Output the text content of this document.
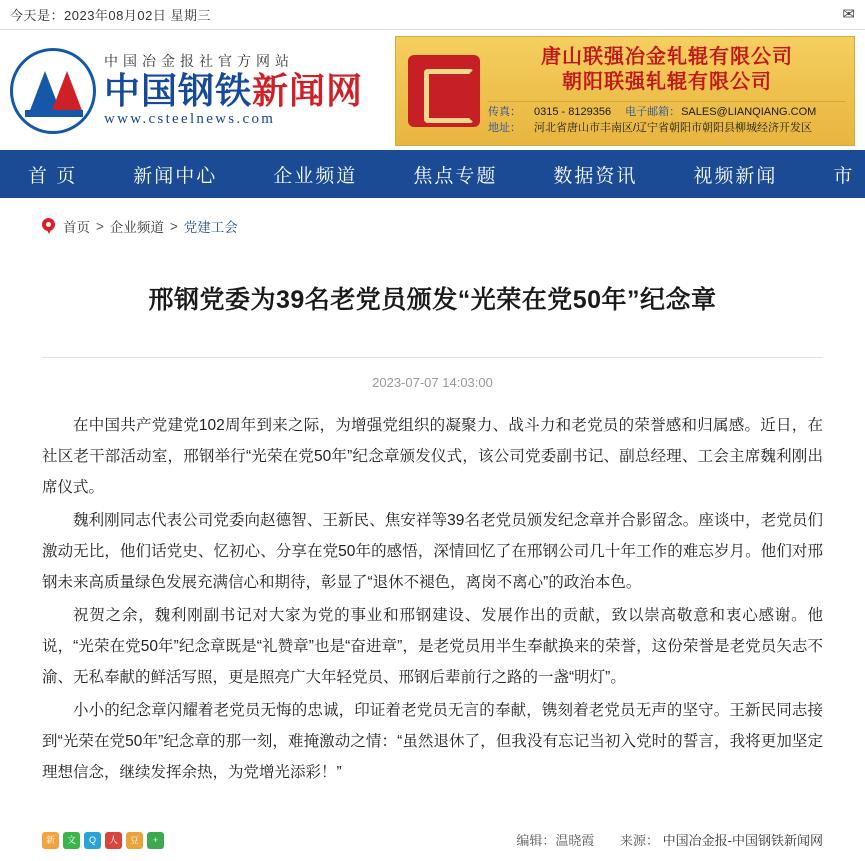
今天是：2023年08月02日 星期三	✉
中国冶金报社官方网站
中国钢铁新闻网
www.csteelnews.com
唐山联强冶金轧辊有限公司
朝阳联强轧辊有限公司
传真：	0315 - 8129356 电子邮箱： SALES@LIANQIANG.COM
地址：	河北省唐山市丰南区/辽宁省朝阳市朝阳县柳城经济开发区
首 页	新闻中心	企业频道	焦点专题	数据资讯	视频新闻	市
首页 > 企业频道 > 党建工会
邢钢党委为39名老党员颁发“光荣在党50年”纪念章
2023-07-07 14:03:00

在中国共产党建党102周年到来之际，为增强党组织的凝聚力、战斗力和老党员的荣誉感和归属感。近日，在社区老干部活动室，邢钢举行“光荣在党50年”纪念章颁发仪式，该公司党委副书记、副总经理、工会主席魏利刚出席仪式。

魏利刚同志代表公司党委向赵德智、王新民、焦安祥等39名老党员颁发纪念章并合影留念。座谈中，老党员们激动无比，他们话党史、忆初心、分享在党50年的感悟，深情回忆了在邢钢公司几十年工作的难忘岁月。他们对邢钢未来高质量绿色发展充满信心和期待，彰显了“退休不褪色，离岗不离心”的政治本色。

祝贺之余，魏利刚副书记对大家为党的事业和邢钢建设、发展作出的贡献，致以崇高敬意和衷心感谢。他说，“光荣在党50年”纪念章既是“礼赞章”也是“奋进章”，是老党员用半生奉献换来的荣誉，这份荣誉是老党员矢志不渝、无私奉献的鲜活写照，更是照亮广大年轻党员、邢钢后辈前行之路的一盏“明灯”。

小小的纪念章闪耀着老党员无悔的忠诚，印证着老党员无言的奉献，镌刻着老党员无声的坚守。王新民同志接到“光荣在党50年”纪念章的那一刻，难掩激动之情：“虽然退休了，但我没有忘记当初入党时的誓言，我将更加坚定理想信念，继续发挥余热，为党增光添彩！”

新	文	Q	人	豆	+	编辑：温晓霞 来源： 中国冶金报-中国钢铁新闻网
